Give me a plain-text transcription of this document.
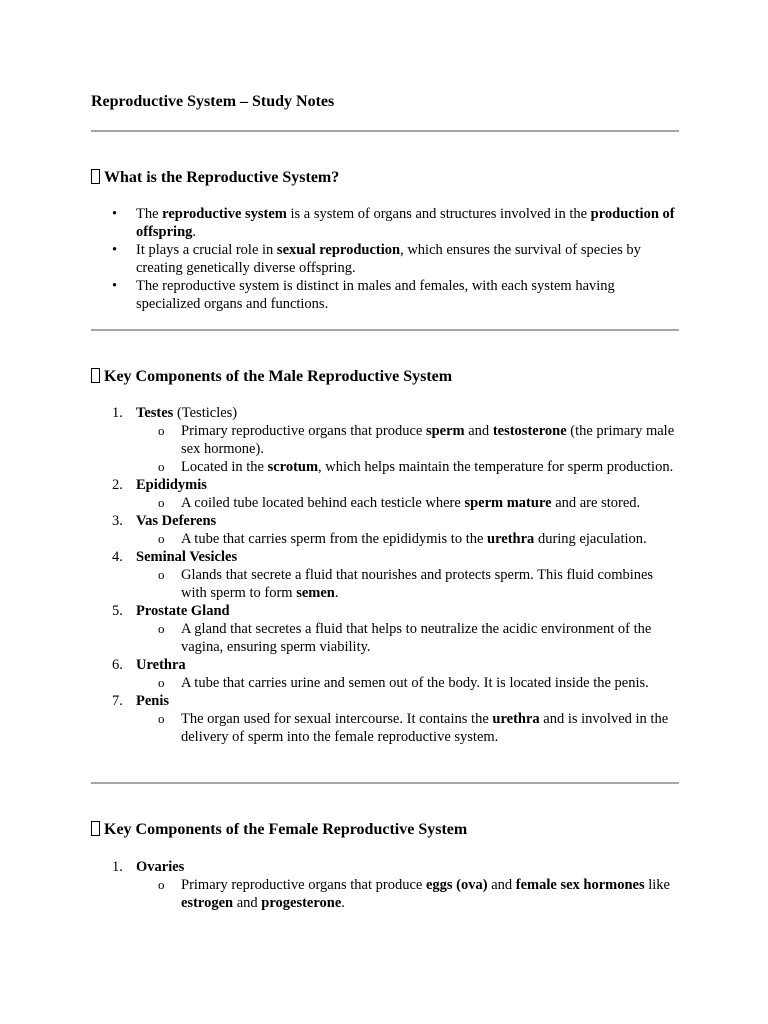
Reproductive System – Study Notes
What is the Reproductive System?
• The reproductive system is a system of organs and structures involved in the production of offspring.
• It plays a crucial role in sexual reproduction, which ensures the survival of species by creating genetically diverse offspring.
• The reproductive system is distinct in males and females, with each system having specialized organs and functions.
Key Components of the Male Reproductive System
1. Testes (Testicles)
o Primary reproductive organs that produce sperm and testosterone (the primary male sex hormone).
o Located in the scrotum, which helps maintain the temperature for sperm production.
2. Epididymis
o A coiled tube located behind each testicle where sperm mature and are stored.
3. Vas Deferens
o A tube that carries sperm from the epididymis to the urethra during ejaculation.
4. Seminal Vesicles
o Glands that secrete a fluid that nourishes and protects sperm. This fluid combines with sperm to form semen.
5. Prostate Gland
o A gland that secretes a fluid that helps to neutralize the acidic environment of the vagina, ensuring sperm viability.
6. Urethra
o A tube that carries urine and semen out of the body. It is located inside the penis.
7. Penis
o The organ used for sexual intercourse. It contains the urethra and is involved in the delivery of sperm into the female reproductive system.
Key Components of the Female Reproductive System
1. Ovaries
o Primary reproductive organs that produce eggs (ova) and female sex hormones like estrogen and progesterone.
